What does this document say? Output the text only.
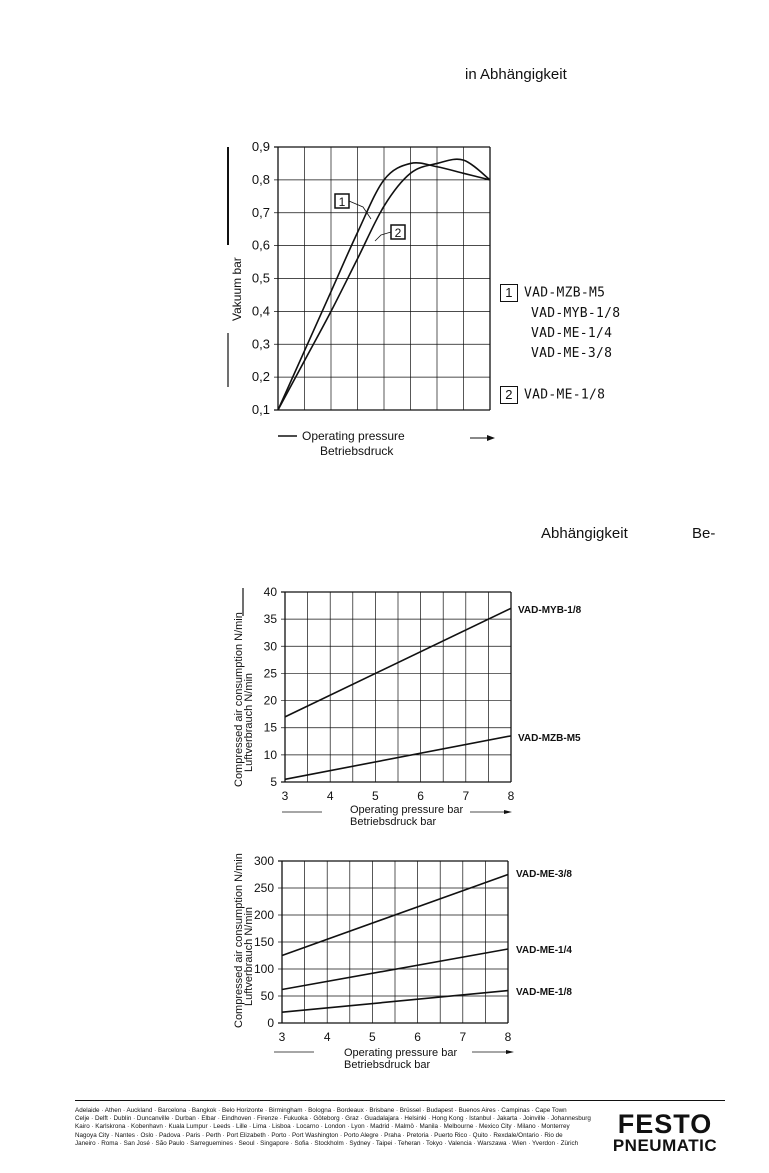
in Abhängigkeit
Abhängigkeit	Be-
0,1
0,2
0,3
0,4
0,5
0,6
0,7
0,8
0,9
Vakuum bar
1
2
Operating pressure
Betriebsdruck
1 VAD-MZB-M5
VAD-MYB-1/8
VAD-ME-1/4
VAD-ME-3/8
2 VAD-ME-1/8
5
10
15
20
25
30
35
40
3	4	5	6	7	8
Compressed air consumption N/min
Luftverbrauch N/min
Operating pressure bar
Betriebsdruck bar
VAD-MYB-1/8
VAD-MZB-M5
0
50
100
150
200
250
300
3	4	5	6	7	8
Compressed air consumption N/min
Luftverbrauch N/min
Operating pressure bar
Betriebsdruck bar
VAD-ME-3/8
VAD-ME-1/4
VAD-ME-1/8
Adelaide · Athen · Auckland · Barcelona · Bangkok · Belo Horizonte · Birmingham · Bologna · Bordeaux · Brisbane · Brüssel · Budapest · Buenos Aires · Campinas · Cape Town
Celje · Delft · Dublin · Duncanville · Durban · Elbar · Eindhoven · Firenze · Fukuoka · Göteborg · Graz · Guadalajara · Helsinki · Hong Kong · Istanbul · Jakarta · Joinville · Johannesburg
Kairo · Karlskrona · Kobenhavn · Kuala Lumpur · Leeds · Lille · Lima · Lisboa · Locarno · London · Lyon · Madrid · Malmö · Manila · Melbourne · Mexico City · Milano · Monterrey
Nagoya City · Nantes · Oslo · Padova · Paris · Perth · Port Elizabeth · Porto · Port Washington · Porto Alegre · Praha · Pretoria · Puerto Rico · Quito · Rexdale/Ontario · Rio de
Janeiro · Roma · San José · São Paulo · Sarreguemines · Seoul · Singapore · Sofia · Stockholm · Sydney · Taipei · Teheran · Tokyo · Valencia · Warszawa · Wien · Yverdon · Zürich
FESTO
PNEUMATIC
